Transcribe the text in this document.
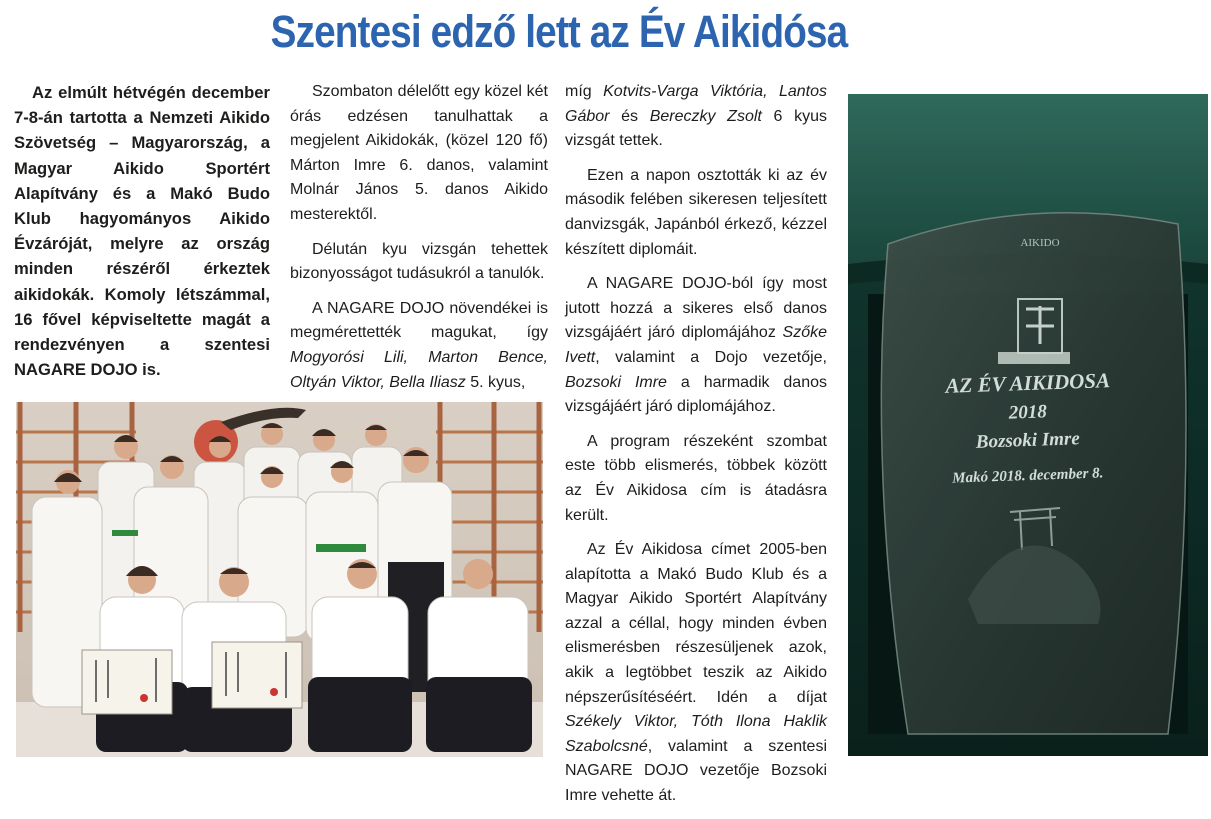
Szentesi edző lett az Év Aikidósa

Az elmúlt hétvégén december 7-8-án tartotta a Nemzeti Aikido Szövetség – Magyarország, a Magyar Aikido Sportért Alapítvány és a Makó Budo Klub hagyományos Aikido Évzáróját, melyre az ország minden részéről érkeztek aikidokák. Komoly létszámmal, 16 fővel képviseltette magát a rendezvényen a szentesi NAGARE DOJO is.

Szombaton délelőtt egy közel két órás edzésen tanulhattak a megjelent Aikidokák, (közel 120 fő) Márton Imre 6. danos, valamint Molnár János 5. danos Aikido mesterektől.

Délután kyu vizsgán tehettek bizonyosságot tudásukról a tanulók.

A NAGARE DOJO növendékei is megmérettették magukat, így Mogyorósi Lili, Marton Bence, Oltyán Viktor, Bella Iliasz 5. kyus,

míg Kotvits-Varga Viktória, Lantos Gábor és Bereczky Zsolt 6 kyus vizsgát tettek.

Ezen a napon osztották ki az év második felében sikeresen teljesített danvizsgák, Japánból érkező, kézzel készített diplomáit.

A NAGARE DOJO-ból így most jutott hozzá a sikeres első danos vizsgájáért járó diplomájához Szőke Ivett, valamint a Dojo vezetője, Bozsoki Imre a harmadik danos vizsgájáért járó diplomájához.

A program részeként szombat este több elismerés, többek között az Év Aikidosa cím is átadásra került.

Az Év Aikidosa címet 2005-ben alapította a Makó Budo Klub és a Magyar Aikido Sportért Alapítvány azzal a céllal, hogy minden évben elismerésben részesüljenek azok, akik a legtöbbet teszik az Aikido népszerűsítéséért. Idén a díjat Székely Viktor, Tóth Ilona Haklik Szabolcsné, valamint a szentesi NAGARE DOJO vezetője Bozsoki Imre vehette át.

AIKIDO
AZ ÉV AIKIDOSA
2018
Bozsoki Imre
Makó 2018. december 8.
